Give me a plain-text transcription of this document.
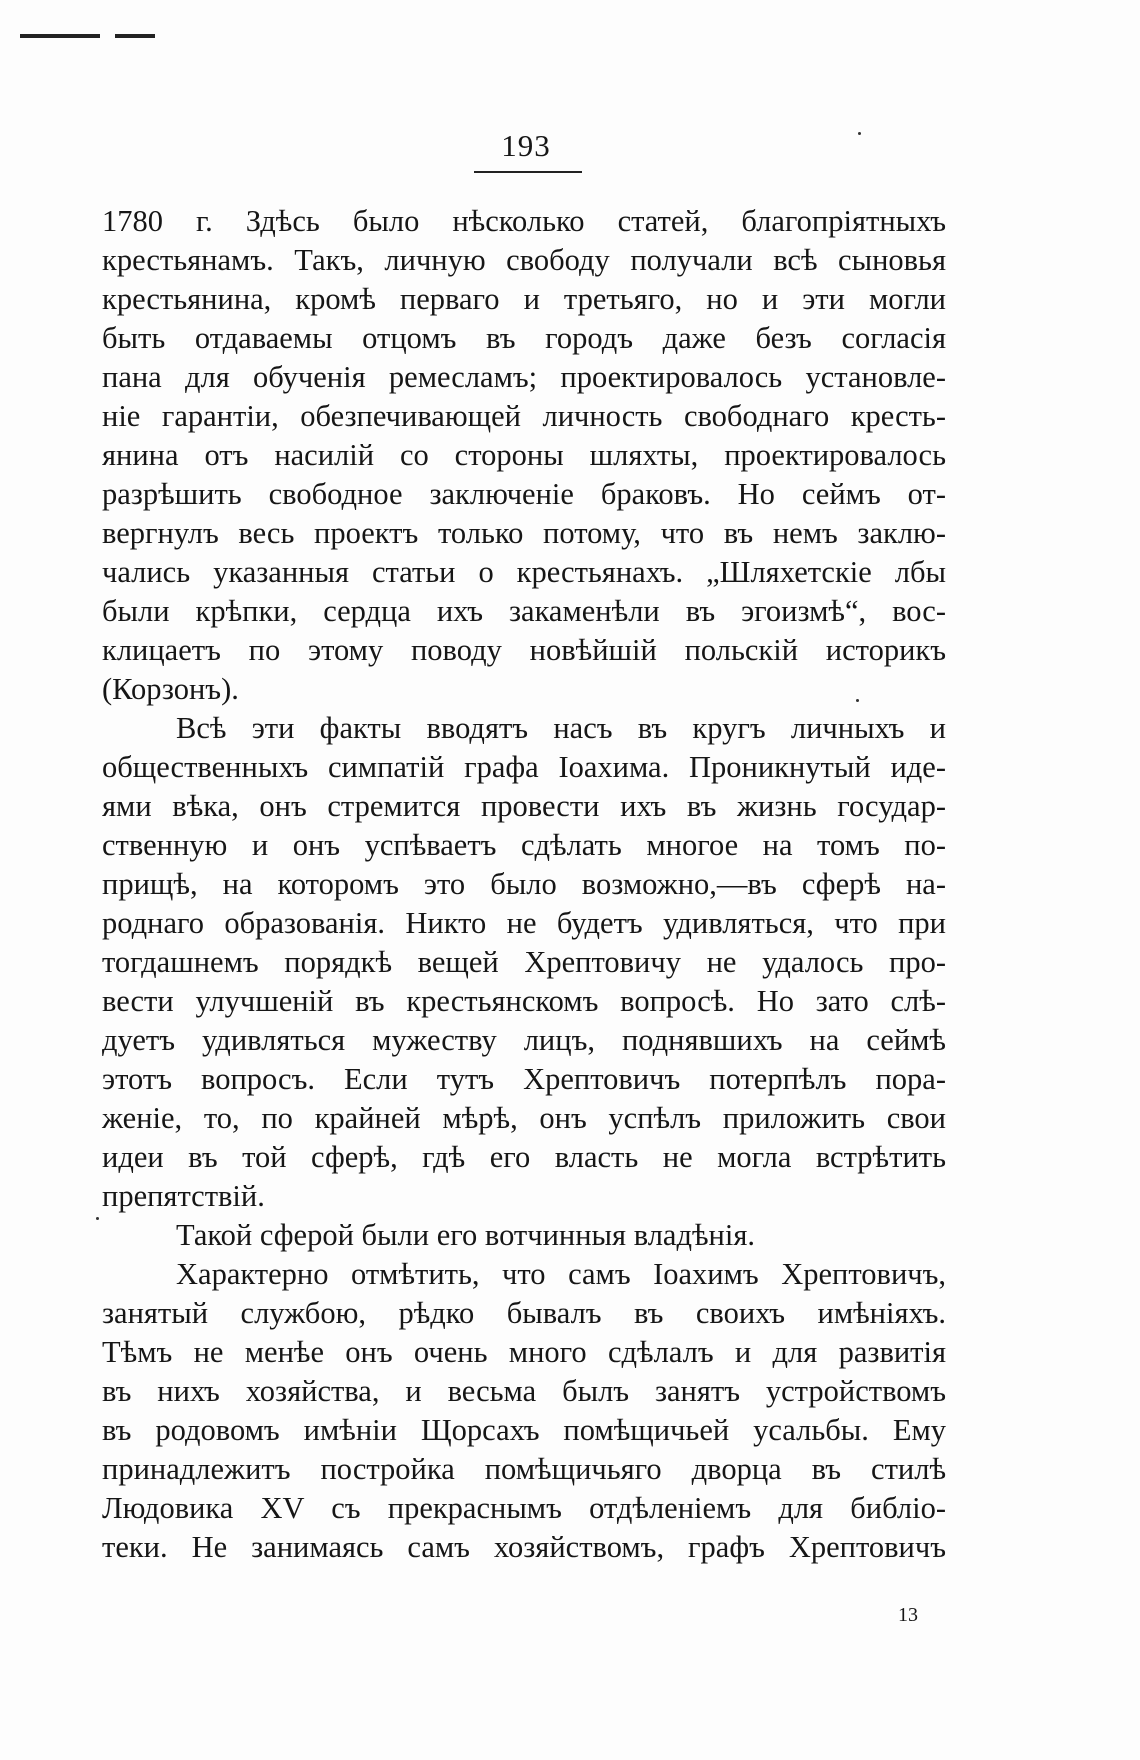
193
1780 г. Здѣсь было нѣсколько статей, благопріятныхъ
крестьянамъ. Такъ, личную свободу получали всѣ сыновья
крестьянина, кромѣ перваго и третьяго, но и эти могли
быть отдаваемы отцомъ въ городъ даже безъ согласія
пана для обученія ремесламъ; проектировалось установле-
ніе гарантіи, обезпечивающей личность свободнаго кресть-
янина отъ насилій со стороны шляхты, проектировалось
разрѣшить свободное заключеніе браковъ. Но сеймъ от-
вергнулъ весь проектъ только потому, что въ немъ заклю-
чались указанныя статьи о крестьянахъ. „Шляхетскіе лбы
были крѣпки, сердца ихъ закаменѣли въ эгоизмѣ“, вос-
клицаетъ по этому поводу новѣйшій польскій историкъ
(Корзонъ).
Всѣ эти факты вводятъ насъ въ кругъ личныхъ и
общественныхъ симпатій графа Іоахима. Проникнутый иде-
ями вѣка, онъ стремится провести ихъ въ жизнь государ-
ственную и онъ успѣваетъ сдѣлать многое на томъ по-
прищѣ, на которомъ это было возможно,—въ сферѣ на-
роднаго образованія. Никто не будетъ удивляться, что при
тогдашнемъ порядкѣ вещей Хрептовичу не удалось про-
вести улучшеній въ крестьянскомъ вопросѣ. Но зато слѣ-
дуетъ удивляться мужеству лицъ, поднявшихъ на сеймѣ
этотъ вопросъ. Если тутъ Хрептовичъ потерпѣлъ пора-
женіе, то, по крайней мѣрѣ, онъ успѣлъ приложить свои
идеи въ той сферѣ, гдѣ его власть не могла встрѣтить
препятствій.
Такой сферой были его вотчинныя владѣнія.
Характерно отмѣтить, что самъ Іоахимъ Хрептовичъ,
занятый службою, рѣдко бывалъ въ своихъ имѣніяхъ.
Тѣмъ не менѣе онъ очень много сдѣлалъ и для развитія
въ нихъ хозяйства, и весьма былъ занятъ устройствомъ
въ родовомъ имѣніи Щорсахъ помѣщичьей усальбы. Ему
принадлежитъ постройка помѣщичьяго дворца въ стилѣ
Людовика XV съ прекраснымъ отдѣленіемъ для библіо-
теки. Не занимаясь самъ хозяйствомъ, графъ Хрептовичъ
13
